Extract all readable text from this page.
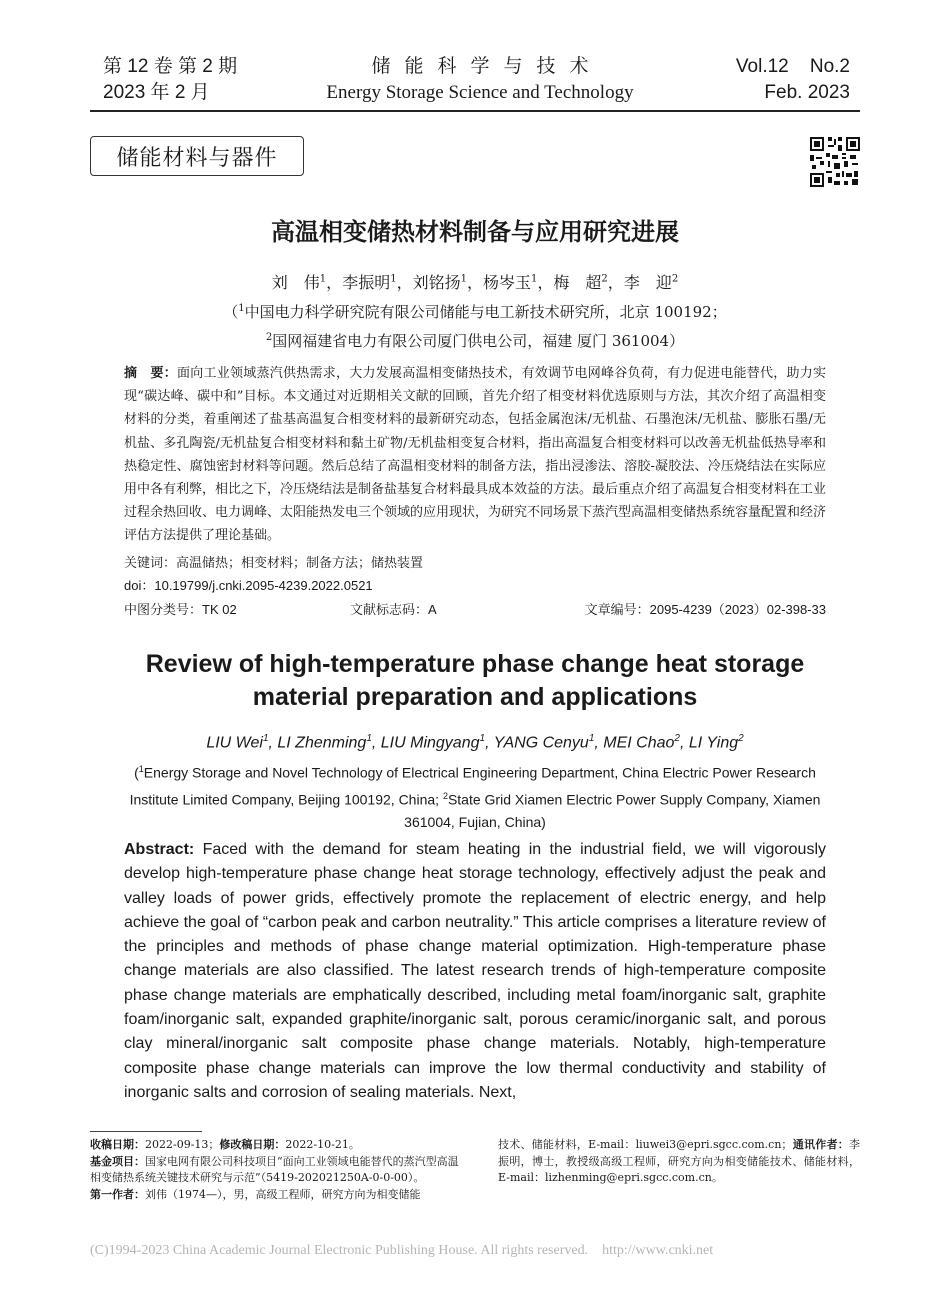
第 12 卷 第 2 期
2023 年 2 月
储能科学与技术
Energy Storage Science and Technology
Vol.12    No.2
Feb. 2023
储能材料与器件
高温相变储热材料制备与应用研究进展
刘　伟$^1$，李振明$^1$，刘铭扬$^1$，杨岑玉$^1$，梅　超$^2$，李　迎$^2$
（$^1$中国电力科学研究院有限公司储能与电工新技术研究所，北京 100192；
$^2$国网福建省电力有限公司厦门供电公司，福建 厦门 361004）
摘　要：面向工业领域蒸汽供热需求，大力发展高温相变储热技术，有效调节电网峰谷负荷，有力促进电能替代，助力实现“碳达峰、碳中和”目标。本文通过对近期相关文献的回顾，首先介绍了相变材料优选原则与方法，其次介绍了高温相变材料的分类，着重阐述了盐基高温复合相变材料的最新研究动态，包括金属泡沫/无机盐、石墨泡沫/无机盐、膨胀石墨/无机盐、多孔陶瓷/无机盐复合相变材料和黏土矿物/无机盐相变复合材料，指出高温复合相变材料可以改善无机盐低热导率和热稳定性、腐蚀密封材料等问题。然后总结了高温相变材料的制备方法，指出浸渗法、溶胶-凝胶法、冷压烧结法在实际应用中各有利弊，相比之下，冷压烧结法是制备盐基复合材料最具成本效益的方法。最后重点介绍了高温复合相变材料在工业过程余热回收、电力调峰、太阳能热发电三个领域的应用现状，为研究不同场景下蒸汽型高温相变储热系统容量配置和经济评估方法提供了理论基础。
关键词：高温储热；相变材料；制备方法；储热装置
doi：10.19799/j.cnki.2095-4239.2022.0521
中图分类号：TK 02	文献标志码：A	文章编号：2095-4239（2023）02-398-33
Review of high-temperature phase change heat storage
material preparation and applications
LIU Wei$^1$, LI Zhenming$^1$, LIU Mingyang$^1$, YANG Cenyu$^1$, MEI Chao$^2$, LI Ying$^2$
($^1$Energy Storage and Novel Technology of Electrical Engineering Department, China Electric Power Research Institute Limited Company, Beijing 100192, China; $^2$State Grid Xiamen Electric Power Supply Company, Xiamen 361004, Fujian, China)
Abstract: Faced with the demand for steam heating in the industrial field, we will vigorously develop high-temperature phase change heat storage technology, effectively adjust the peak and valley loads of power grids, effectively promote the replacement of electric energy, and help achieve the goal of “carbon peak and carbon neutrality.” This article comprises a literature review of the principles and methods of phase change material optimization. High-temperature phase change materials are also classified. The latest research trends of high-temperature composite phase change materials are emphatically described, including metal foam/inorganic salt, graphite foam/inorganic salt, expanded graphite/inorganic salt, porous ceramic/inorganic salt, and porous clay mineral/inorganic salt composite phase change materials. Notably, high-temperature composite phase change materials can improve the low thermal conductivity and stability of inorganic salts and corrosion of sealing materials. Next,
收稿日期：2022-09-13；修改稿日期：2022-10-21。
基金项目：国家电网有限公司科技项目“面向工业领域电能替代的蒸汽型高温相变储热系统关键技术研究与示范”（5419-202021250A-0-0-00）。
第一作者：刘伟（1974—），男，高级工程师，研究方向为相变储能
技术、储能材料，E-mail：liuwei3@epri.sgcc.com.cn；通讯作者：李振明，博士，教授级高级工程师，研究方向为相变储能技术、储能材料，E-mail：lizhenming@epri.sgcc.com.cn。
(C)1994-2023 China Academic Journal Electronic Publishing House. All rights reserved.    http://www.cnki.net
